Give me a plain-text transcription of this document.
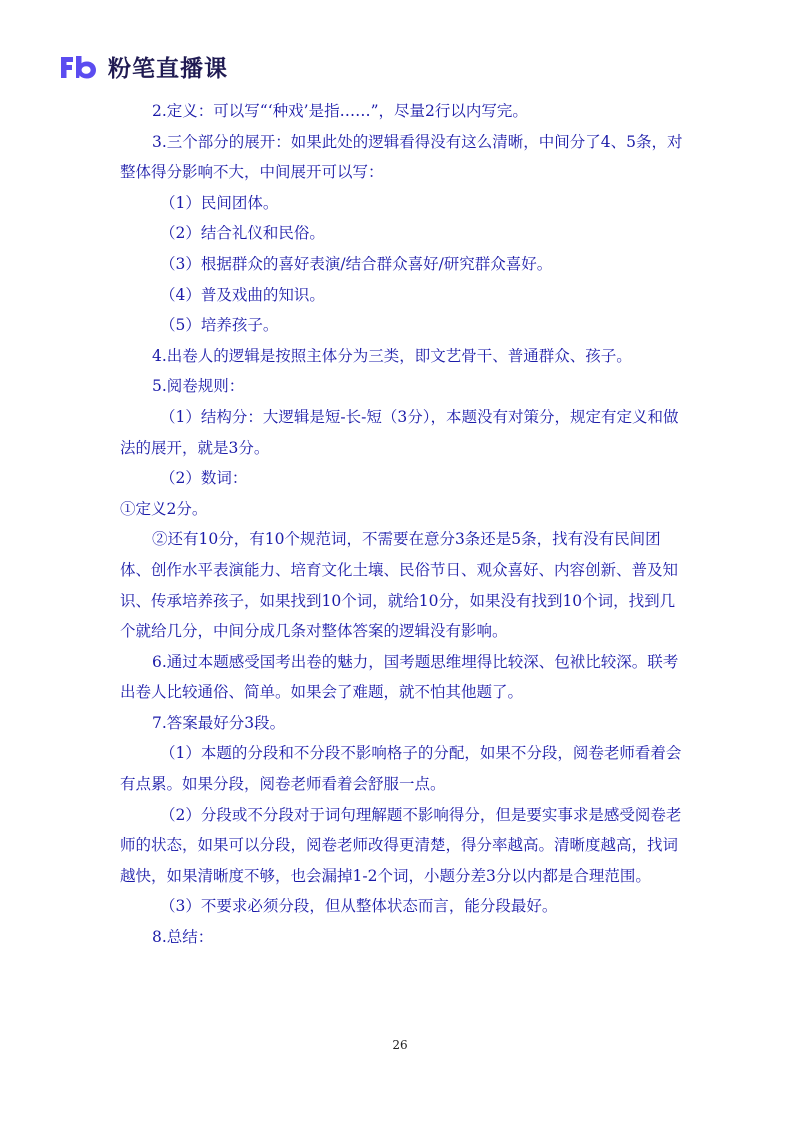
粉笔直播课

2.定义：可以写“‘种戏’是指……”，尽量2行以内写完。

3.三个部分的展开：如果此处的逻辑看得没有这么清晰，中间分了4、5条，对整体得分影响不大，中间展开可以写：

（1）民间团体。

（2）结合礼仪和民俗。

（3）根据群众的喜好表演/结合群众喜好/研究群众喜好。

（4）普及戏曲的知识。

（5）培养孩子。

4.出卷人的逻辑是按照主体分为三类，即文艺骨干、普通群众、孩子。

5.阅卷规则：

（1）结构分：大逻辑是短-长-短（3分），本题没有对策分，规定有定义和做法的展开，就是3分。

（2）数词：

①定义2分。

②还有10分，有10个规范词，不需要在意分3条还是5条，找有没有民间团体、创作水平表演能力、培育文化土壤、民俗节日、观众喜好、内容创新、普及知识、传承培养孩子，如果找到10个词，就给10分，如果没有找到10个词，找到几个就给几分，中间分成几条对整体答案的逻辑没有影响。

6.通过本题感受国考出卷的魅力，国考题思维埋得比较深、包袱比较深。联考出卷人比较通俗、简单。如果会了难题，就不怕其他题了。

7.答案最好分3段。

（1）本题的分段和不分段不影响格子的分配，如果不分段，阅卷老师看着会有点累。如果分段，阅卷老师看着会舒服一点。

（2）分段或不分段对于词句理解题不影响得分，但是要实事求是感受阅卷老师的状态，如果可以分段，阅卷老师改得更清楚，得分率越高。清晰度越高，找词越快，如果清晰度不够，也会漏掉1-2个词，小题分差3分以内都是合理范围。

（3）不要求必须分段，但从整体状态而言，能分段最好。

8.总结：

26
